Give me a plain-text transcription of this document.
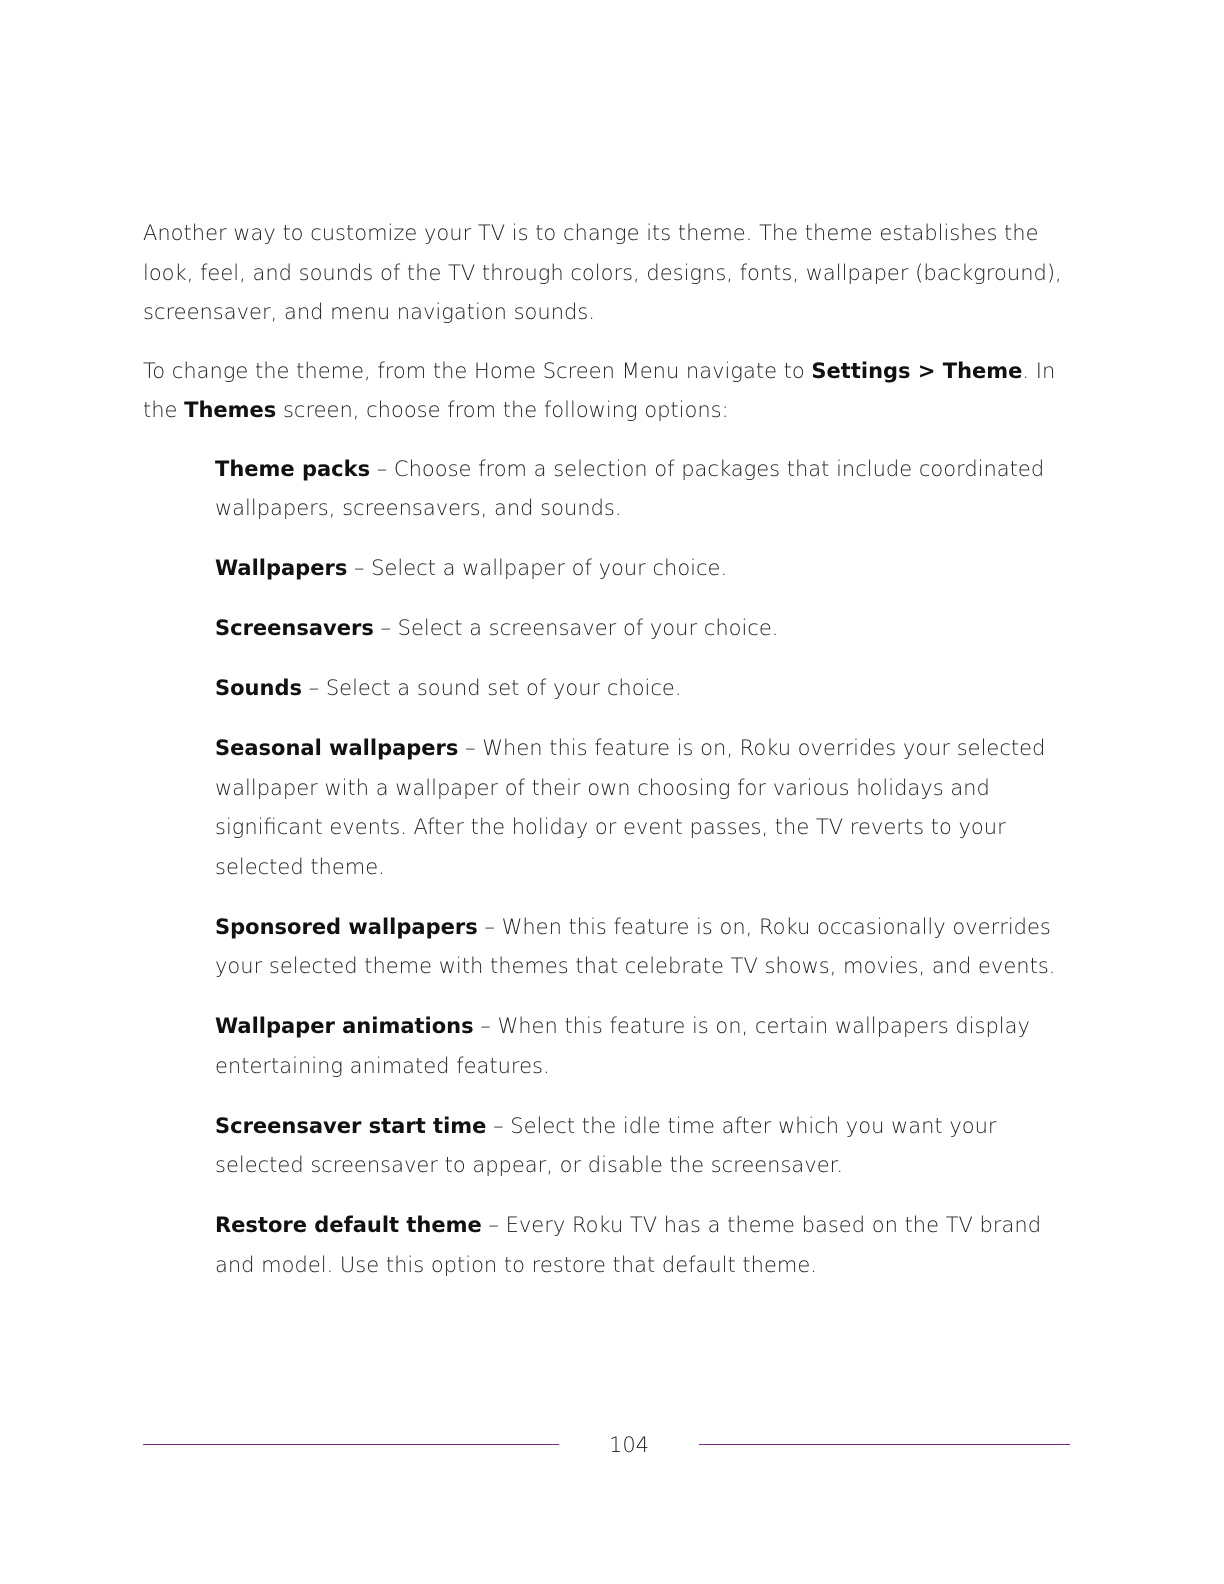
Another way to customize your TV is to change its theme. The theme establishes the look, feel, and sounds of the TV through colors, designs, fonts, wallpaper (background), screensaver, and menu navigation sounds.

To change the theme, from the Home Screen Menu navigate to Settings > Theme. In the Themes screen, choose from the following options:

Theme packs – Choose from a selection of packages that include coordinated wallpapers, screensavers, and sounds.

Wallpapers – Select a wallpaper of your choice.

Screensavers – Select a screensaver of your choice.

Sounds – Select a sound set of your choice.

Seasonal wallpapers – When this feature is on, Roku overrides your selected wallpaper with a wallpaper of their own choosing for various holidays and significant events. After the holiday or event passes, the TV reverts to your selected theme.

Sponsored wallpapers – When this feature is on, Roku occasionally overrides your selected theme with themes that celebrate TV shows, movies, and events.

Wallpaper animations – When this feature is on, certain wallpapers display entertaining animated features.

Screensaver start time – Select the idle time after which you want your selected screensaver to appear, or disable the screensaver.

Restore default theme – Every Roku TV has a theme based on the TV brand and model. Use this option to restore that default theme.

104
